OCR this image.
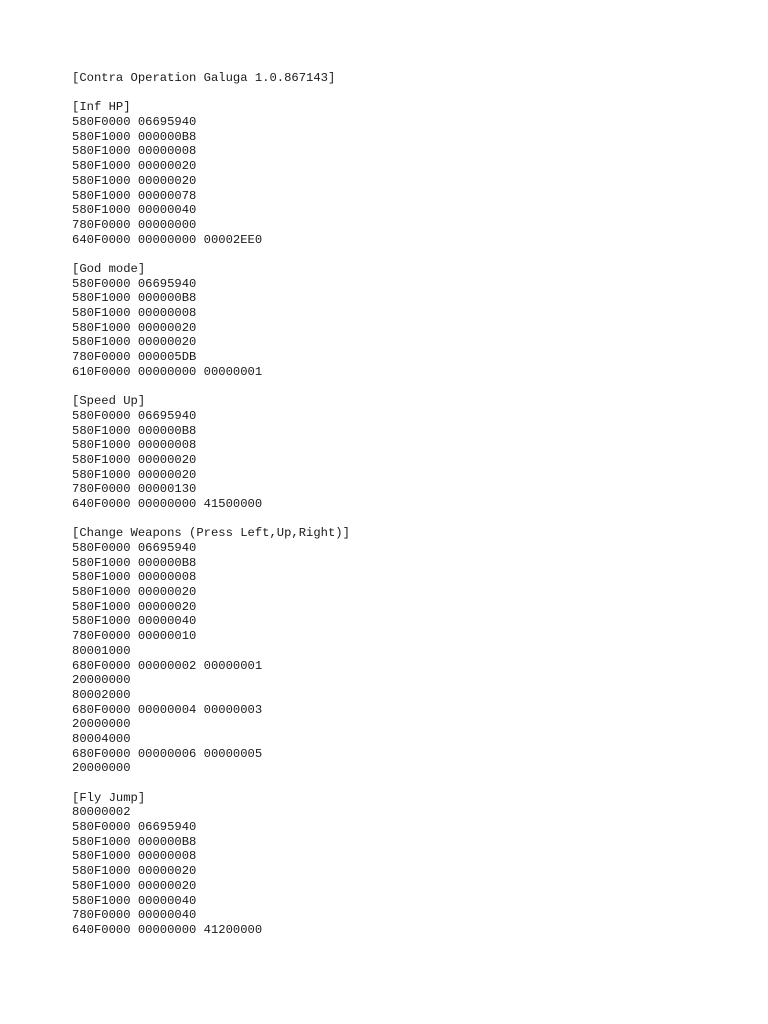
[Contra Operation Galuga 1.0.867143]
[Inf HP]
580F0000 06695940
580F1000 000000B8
580F1000 00000008
580F1000 00000020
580F1000 00000020
580F1000 00000078
580F1000 00000040
780F0000 00000000
640F0000 00000000 00002EE0
[God mode]
580F0000 06695940
580F1000 000000B8
580F1000 00000008
580F1000 00000020
580F1000 00000020
780F0000 000005DB
610F0000 00000000 00000001
[Speed Up]
580F0000 06695940
580F1000 000000B8
580F1000 00000008
580F1000 00000020
580F1000 00000020
780F0000 00000130
640F0000 00000000 41500000
[Change Weapons (Press Left,Up,Right)]
580F0000 06695940
580F1000 000000B8
580F1000 00000008
580F1000 00000020
580F1000 00000020
580F1000 00000040
780F0000 00000010
80001000
680F0000 00000002 00000001
20000000
80002000
680F0000 00000004 00000003
20000000
80004000
680F0000 00000006 00000005
20000000
[Fly Jump]
80000002
580F0000 06695940
580F1000 000000B8
580F1000 00000008
580F1000 00000020
580F1000 00000020
580F1000 00000040
780F0000 00000040
640F0000 00000000 41200000
